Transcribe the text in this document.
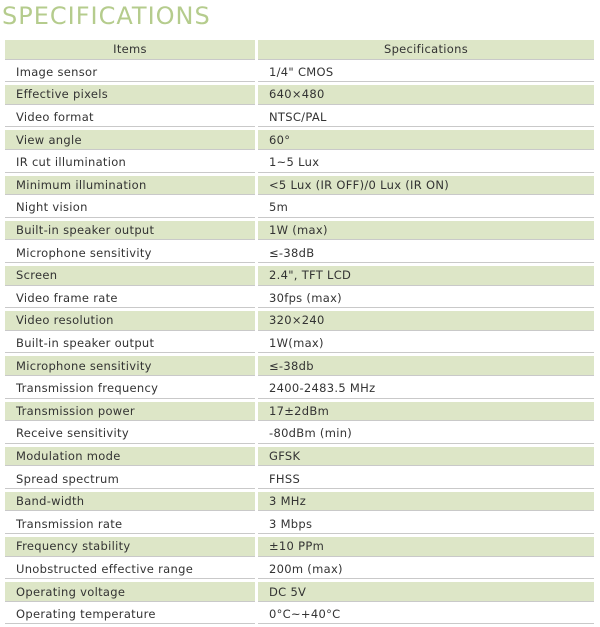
SPECIFICATIONS
Items	Specifications
Image sensor	1/4" CMOS
Effective pixels	640×480
Video format	NTSC/PAL
View angle	60°
IR cut illumination	1~5 Lux
Minimum illumination	<5 Lux (IR OFF)/0 Lux (IR ON)
Night vision	5m
Built-in speaker output	1W (max)
Microphone sensitivity	≤-38dB
Screen	2.4", TFT LCD
Video frame rate	30fps (max)
Video resolution	320×240
Built-in speaker output	1W(max)
Microphone sensitivity	≤-38db
Transmission frequency	2400-2483.5 MHz
Transmission power	17±2dBm
Receive sensitivity	-80dBm (min)
Modulation mode	GFSK
Spread spectrum	FHSS
Band-width	3 MHz
Transmission rate	3 Mbps
Frequency stability	±10 PPm
Unobstructed effective range	200m (max)
Operating voltage	DC 5V
Operating temperature	0°C~+40°C
